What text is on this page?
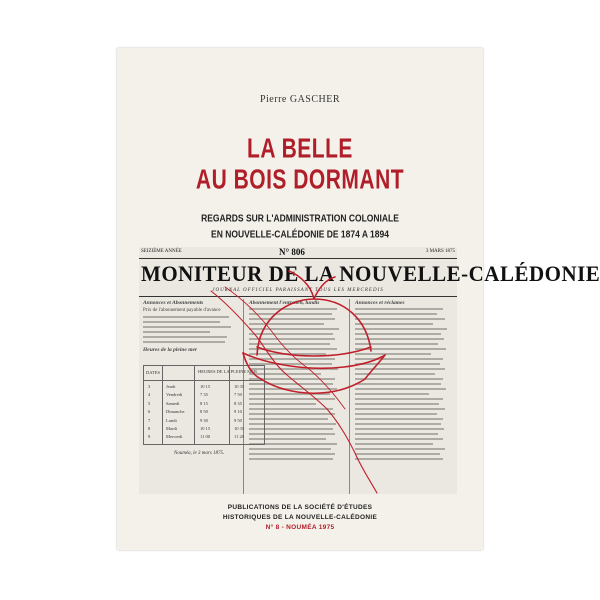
Pierre GASCHER
LA BELLE
AU BOIS DORMANT
REGARDS SUR L'ADMINISTRATION COLONIALE
EN NOUVELLE-CALÉDONIE DE 1874 A 1894
SEIZIÈME ANNÉE	N° 806	3 MARS 1875
MONITEUR DE LA NOUVELLE-CALÉDONIE
JOURNAL OFFICIEL PARAISSANT TOUS LES MERCREDIS
Annonces et Abonnements
Prix de l'abonnement payable d'avance
Heures de la pleine mer
Abonnement l'entretien, lundis	Annonces et réclames
DATES	HEURES DE LA PLEINE MER
3	Jeudi	10 15	10 35
4	Vendredi	7 35	7 50
5	Samedi	8 15	8 35
6	Dimanche	8 50	9 10
7	Lundi	9 30	9 50
8	Mardi	10 15	10 35
9	Mercredi	11 00	11 20
Nouméa, le 3 mars 1875.
PUBLICATIONS DE LA SOCIÉTÉ D'ÉTUDES
HISTORIQUES DE LA NOUVELLE-CALÉDONIE
N° 8 - NOUMÉA 1975
